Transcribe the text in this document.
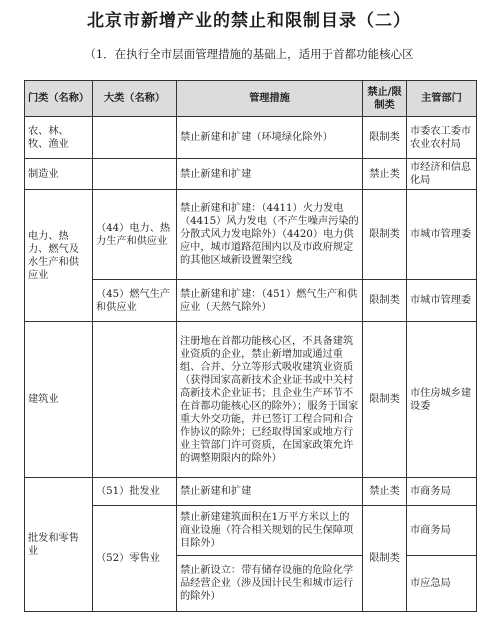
北京市新增产业的禁止和限制目录（二）
（1．在执行全市层面管理措施的基础上，适用于首都功能核心区
门类（名称）	大类（名称）	管理措施	禁止/限制类	主管部门
农、林、牧、渔业		禁止新建和扩建（环境绿化除外）	限制类	市委农工委市农业农村局
制造业		禁止新建和扩建	禁止类	市经济和信息化局
电力、热力、燃气及水生产和供应业	（44）电力、热力生产和供应业	禁止新建和扩建：（4411）火力发电（4415）风力发电（不产生噪声污染的分散式风力发电除外）（4420）电力供应中，城市道路范围内以及市政府规定的其他区域新设置架空线	限制类	市城市管理委
	（45）燃气生产和供应业	禁止新建和扩建：（451）燃气生产和供应业（天然气除外）	限制类	市城市管理委
建筑业		注册地在首都功能核心区，不具备建筑业资质的企业，禁止新增加或通过重组、合并、分立等形式吸收建筑业资质（获得国家高新技术企业证书或中关村高新技术企业证书；且企业生产环节不在首都功能核心区的除外）；服务于国家重大外交功能，并已签订工程合同和合作协议的除外；已经取得国家或地方行业主管部门许可资质，在国家政策允许的调整期限内的除外）	限制类	市住房城乡建设委
批发和零售业	（51）批发业	禁止新建和扩建	禁止类	市商务局
	（52）零售业	禁止新建建筑面积在1万平方米以上的商业设施（符合相关规划的民生保障项目除外）	限制类	市商务局
		禁止新设立：带有储存设施的危险化学品经营企业（涉及国计民生和城市运行的除外）		市应急局
